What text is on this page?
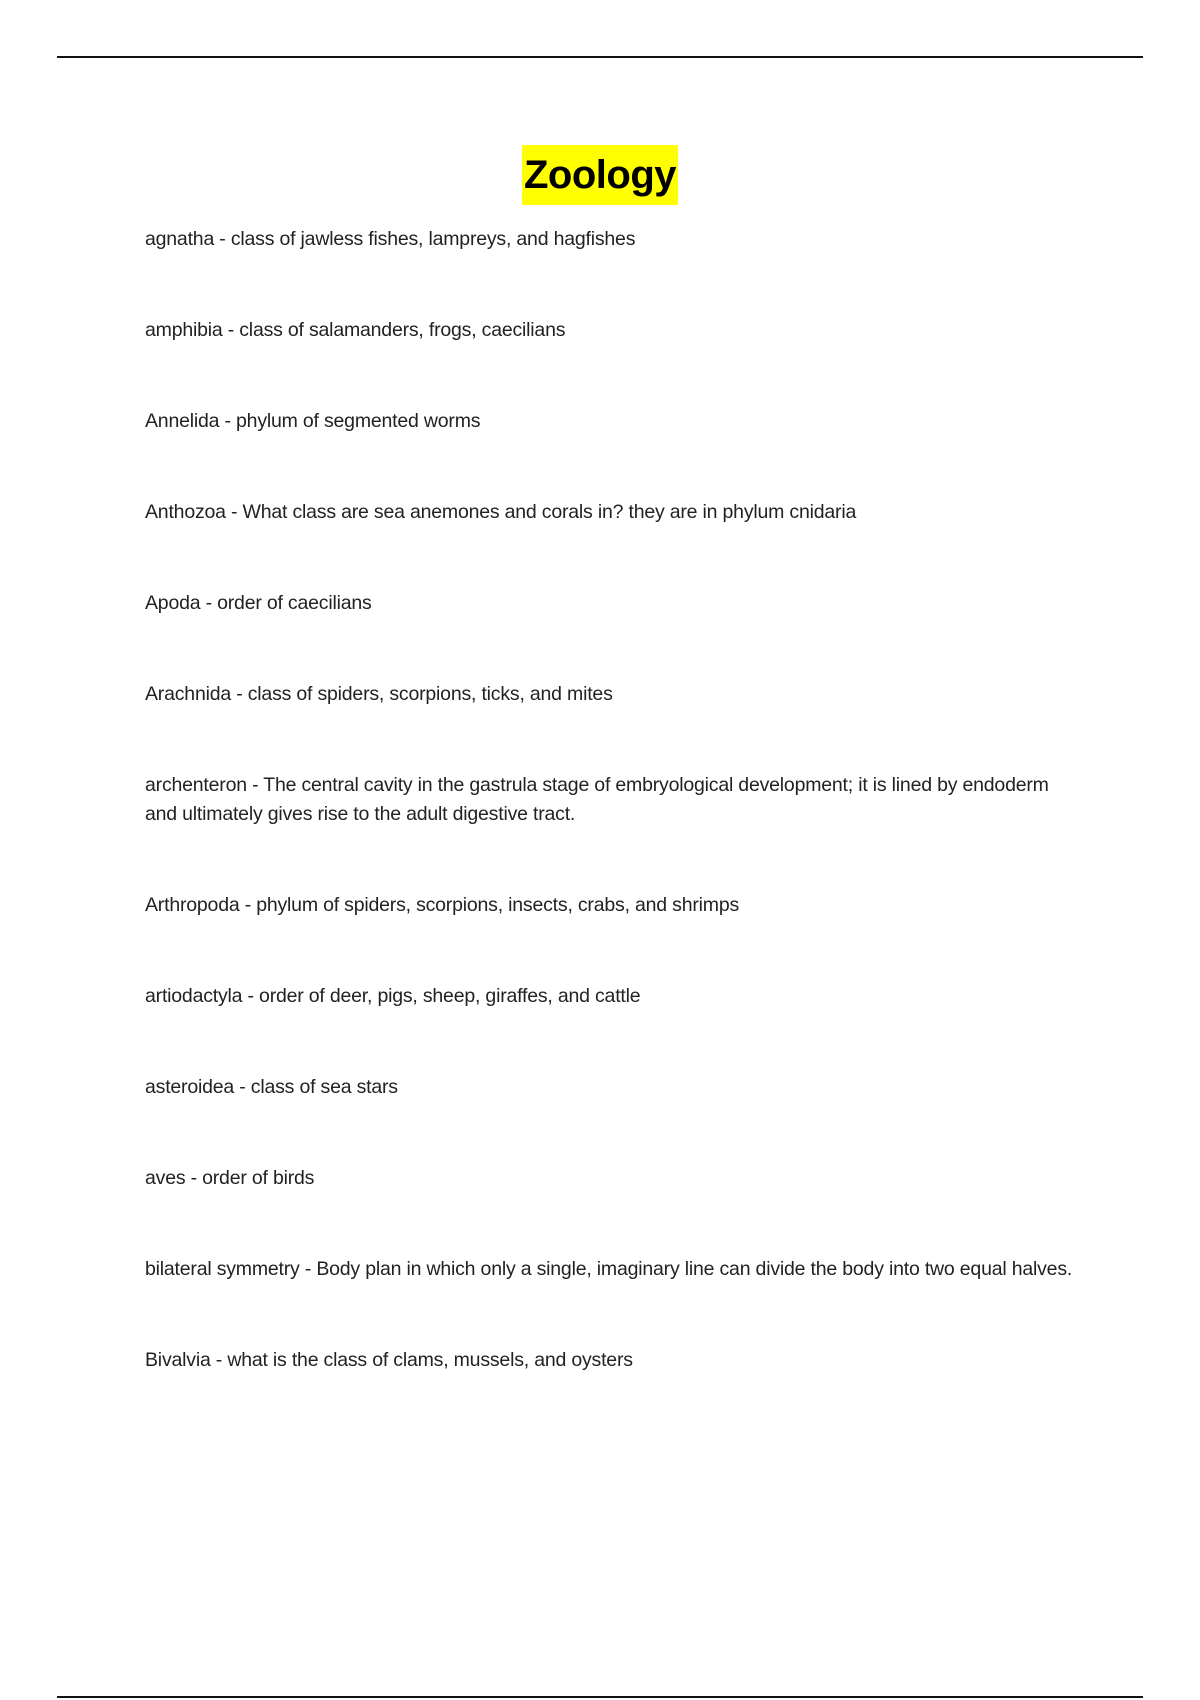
Zoology

agnatha - class of jawless fishes, lampreys, and hagfishes

amphibia - class of salamanders, frogs, caecilians

Annelida - phylum of segmented worms

Anthozoa - What class are sea anemones and corals in? they are in phylum cnidaria

Apoda - order of caecilians

Arachnida - class of spiders, scorpions, ticks, and mites

archenteron - The central cavity in the gastrula stage of embryological development; it is lined by endoderm and ultimately gives rise to the adult digestive tract.

Arthropoda - phylum of spiders, scorpions, insects, crabs, and shrimps

artiodactyla - order of deer, pigs, sheep, giraffes, and cattle

asteroidea - class of sea stars

aves - order of birds

bilateral symmetry - Body plan in which only a single, imaginary line can divide the body into two equal halves.

Bivalvia - what is the class of clams, mussels, and oysters
